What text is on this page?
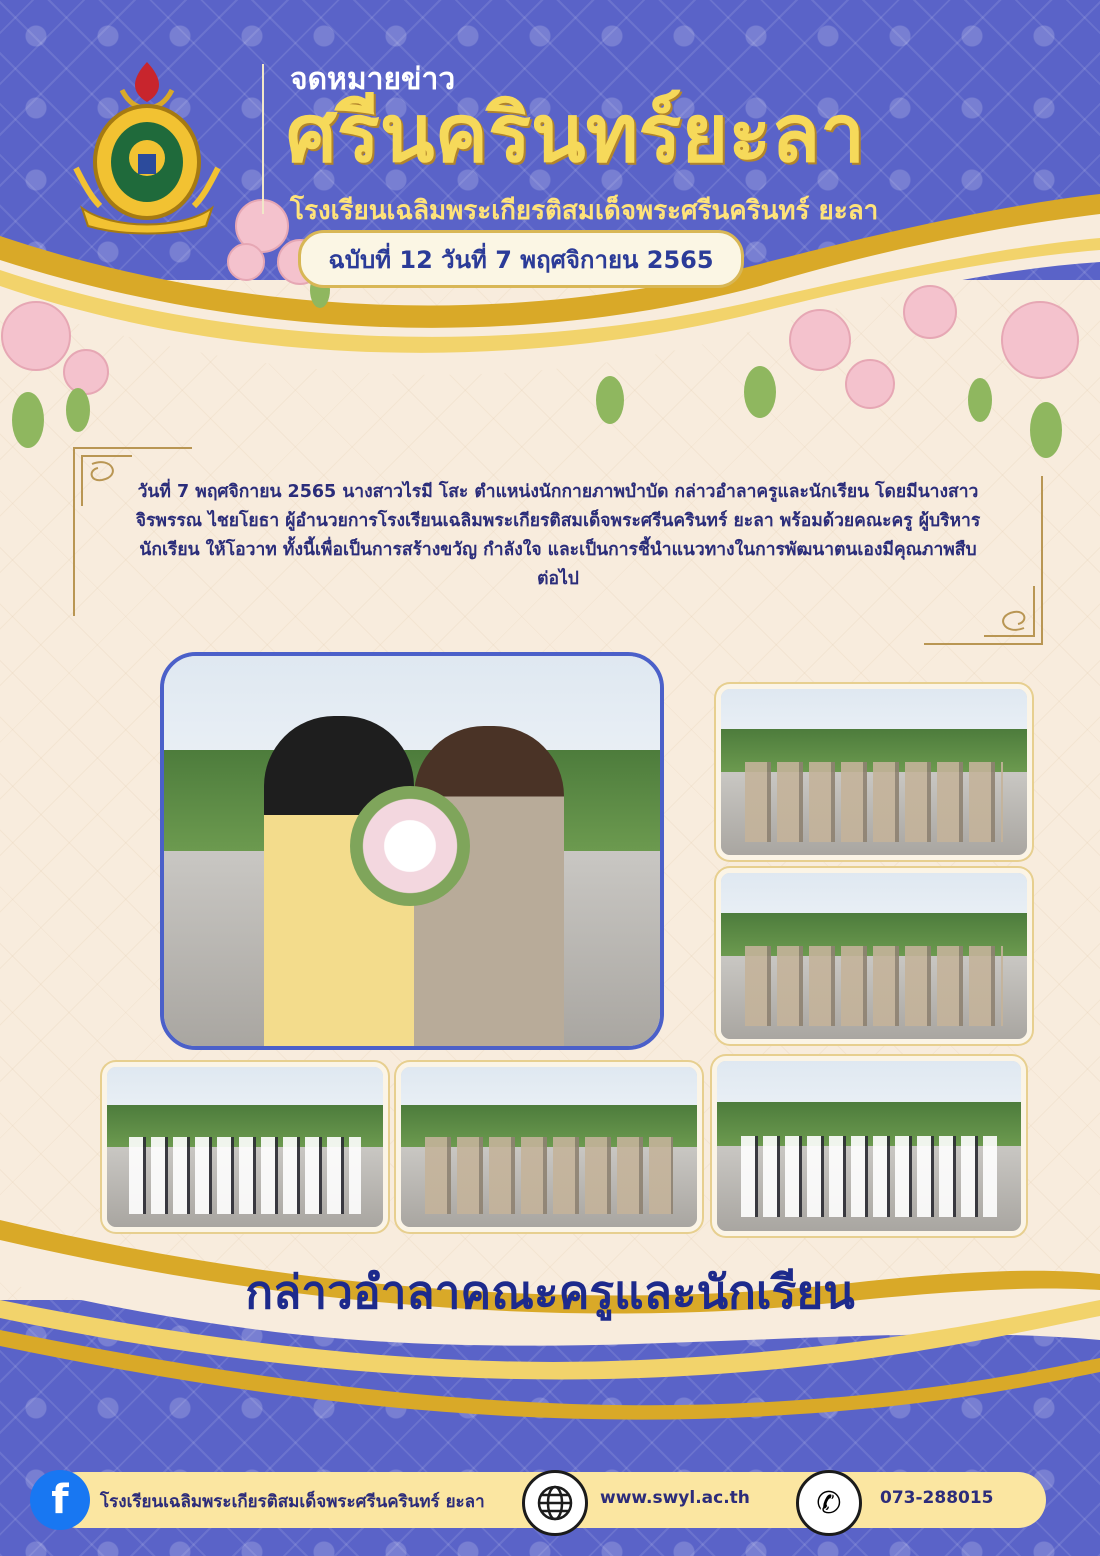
จดหมายข่าว

ศรีนครินทร์ยะลา

โรงเรียนเฉลิมพระเกียรติสมเด็จพระศรีนครินทร์ ยะลา

ฉบับที่ 12 วันที่ 7 พฤศจิกายน 2565

วันที่ 7 พฤศจิกายน 2565 นางสาวไรมี โสะ ตำแหน่งนักกายภาพบำบัด กล่าวอำลาครูและนักเรียน โดยมีนางสาวจิรพรรณ ไชยโยธา ผู้อำนวยการโรงเรียนเฉลิมพระเกียรติสมเด็จพระศรีนครินทร์ ยะลา พร้อมด้วยคณะครู ผู้บริหาร นักเรียน ให้โอวาท ทั้งนี้เพื่อเป็นการสร้างขวัญ กำลังใจ และเป็นการชี้นำแนวทางในการพัฒนาตนเองมีคุณภาพสืบต่อไป

กล่าวอำลาคณะครูและนักเรียน
f	โรงเรียนเฉลิมพระเกียรติสมเด็จพระศรีนครินทร์ ยะลา	www.swyl.ac.th	✆	073-288015
